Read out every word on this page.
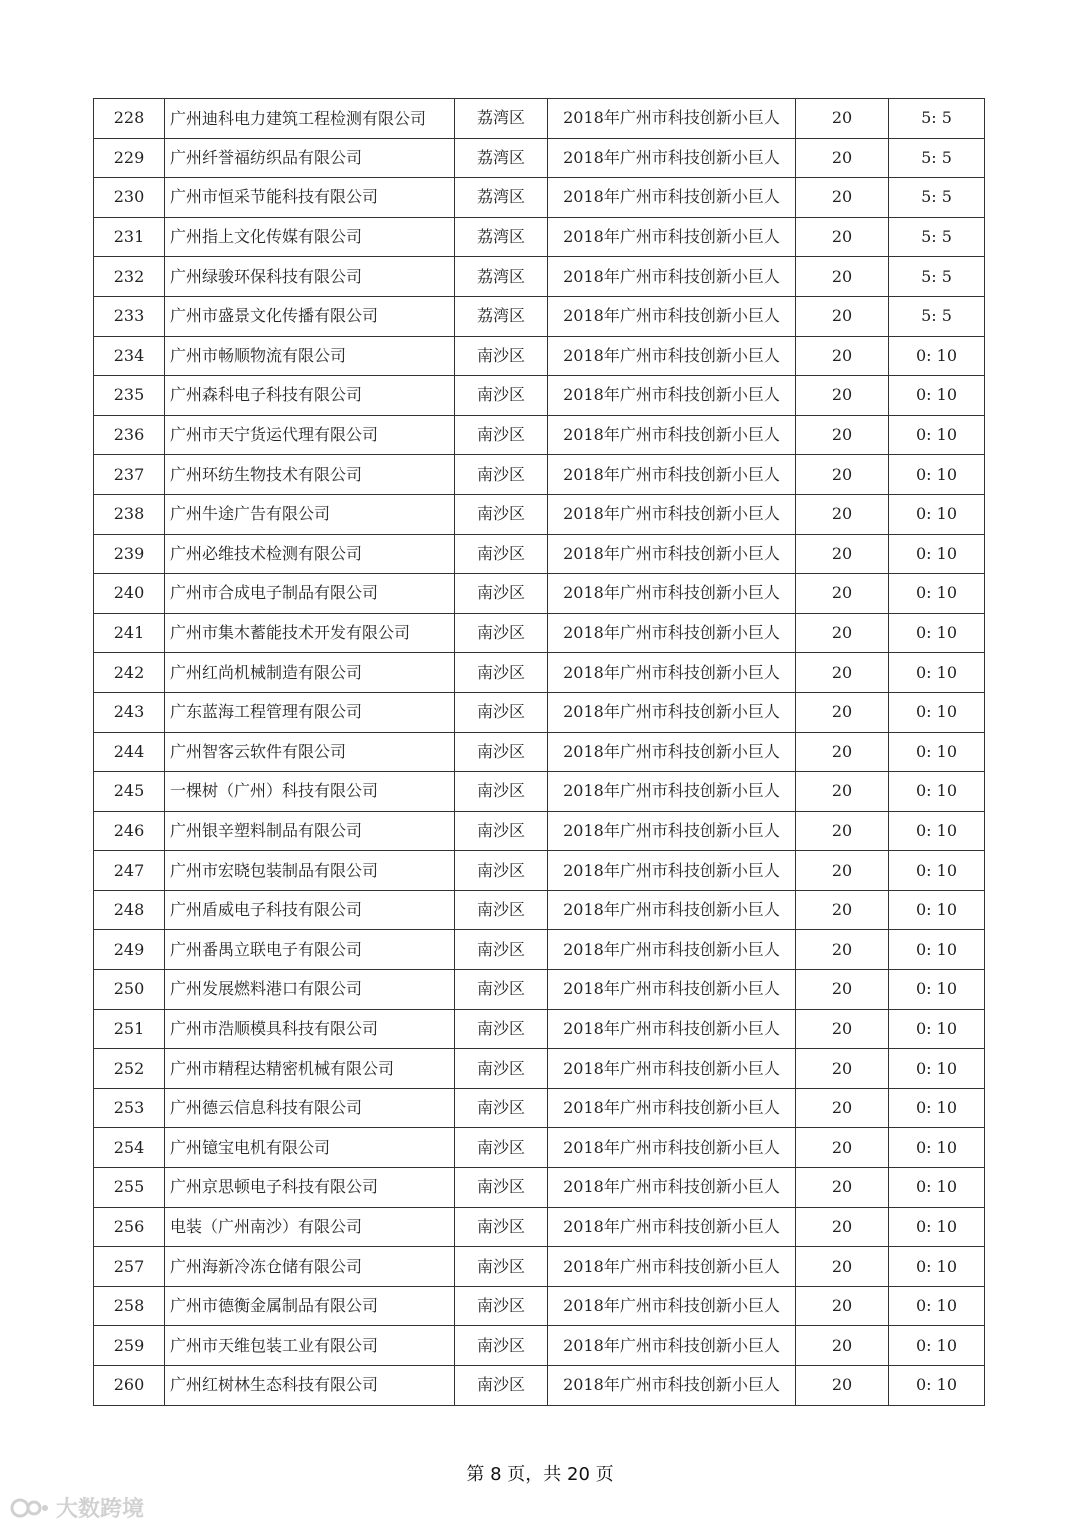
228	广州迪科电力建筑工程检测有限公司	荔湾区	2018年广州市科技创新小巨人	20	5: 5
229	广州纤誉福纺织品有限公司	荔湾区	2018年广州市科技创新小巨人	20	5: 5
230	广州市恒采节能科技有限公司	荔湾区	2018年广州市科技创新小巨人	20	5: 5
231	广州指上文化传媒有限公司	荔湾区	2018年广州市科技创新小巨人	20	5: 5
232	广州绿骏环保科技有限公司	荔湾区	2018年广州市科技创新小巨人	20	5: 5
233	广州市盛景文化传播有限公司	荔湾区	2018年广州市科技创新小巨人	20	5: 5
234	广州市畅顺物流有限公司	南沙区	2018年广州市科技创新小巨人	20	0: 10
235	广州森科电子科技有限公司	南沙区	2018年广州市科技创新小巨人	20	0: 10
236	广州市天宁货运代理有限公司	南沙区	2018年广州市科技创新小巨人	20	0: 10
237	广州环纺生物技术有限公司	南沙区	2018年广州市科技创新小巨人	20	0: 10
238	广州牛途广告有限公司	南沙区	2018年广州市科技创新小巨人	20	0: 10
239	广州必维技术检测有限公司	南沙区	2018年广州市科技创新小巨人	20	0: 10
240	广州市合成电子制品有限公司	南沙区	2018年广州市科技创新小巨人	20	0: 10
241	广州市集木蓄能技术开发有限公司	南沙区	2018年广州市科技创新小巨人	20	0: 10
242	广州红尚机械制造有限公司	南沙区	2018年广州市科技创新小巨人	20	0: 10
243	广东蓝海工程管理有限公司	南沙区	2018年广州市科技创新小巨人	20	0: 10
244	广州智客云软件有限公司	南沙区	2018年广州市科技创新小巨人	20	0: 10
245	一棵树（广州）科技有限公司	南沙区	2018年广州市科技创新小巨人	20	0: 10
246	广州银辛塑料制品有限公司	南沙区	2018年广州市科技创新小巨人	20	0: 10
247	广州市宏晓包装制品有限公司	南沙区	2018年广州市科技创新小巨人	20	0: 10
248	广州盾威电子科技有限公司	南沙区	2018年广州市科技创新小巨人	20	0: 10
249	广州番禺立联电子有限公司	南沙区	2018年广州市科技创新小巨人	20	0: 10
250	广州发展燃料港口有限公司	南沙区	2018年广州市科技创新小巨人	20	0: 10
251	广州市浩顺模具科技有限公司	南沙区	2018年广州市科技创新小巨人	20	0: 10
252	广州市精程达精密机械有限公司	南沙区	2018年广州市科技创新小巨人	20	0: 10
253	广州德云信息科技有限公司	南沙区	2018年广州市科技创新小巨人	20	0: 10
254	广州镱宝电机有限公司	南沙区	2018年广州市科技创新小巨人	20	0: 10
255	广州京思顿电子科技有限公司	南沙区	2018年广州市科技创新小巨人	20	0: 10
256	电装（广州南沙）有限公司	南沙区	2018年广州市科技创新小巨人	20	0: 10
257	广州海新冷冻仓储有限公司	南沙区	2018年广州市科技创新小巨人	20	0: 10
258	广州市德衡金属制品有限公司	南沙区	2018年广州市科技创新小巨人	20	0: 10
259	广州市天维包装工业有限公司	南沙区	2018年广州市科技创新小巨人	20	0: 10
260	广州红树林生态科技有限公司	南沙区	2018年广州市科技创新小巨人	20	0: 10
第 8 页，共 20 页
大数跨境
